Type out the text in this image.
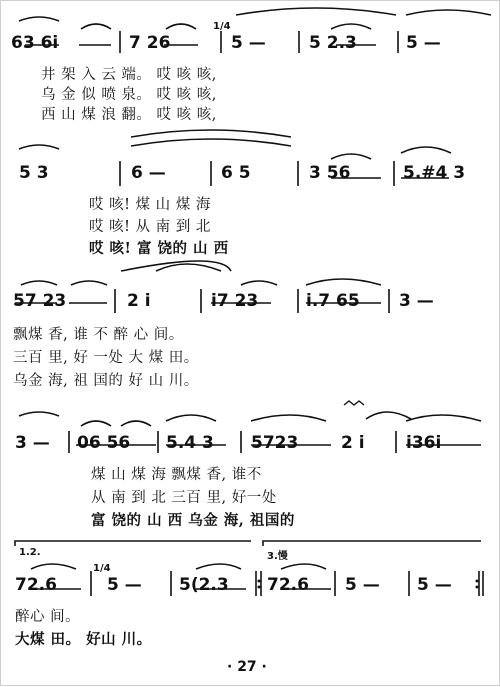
63 6i	7 26
1/4
5 —	5 2.3	5 —
井 架 入 云 端。 哎 咳 咳,
乌 金 似 喷 泉。 哎 咳 咳,
西 山 煤 浪 翻。 哎 咳 咳,
5 3	6 —	6 5	3 56	5.#4 3
哎 咳! 煤 山 煤 海
哎 咳! 从 南 到 北
哎 咳! 富 饶的 山 西
57 23	2 i	i7 23	i.7 65 3 —
飘煤 香, 谁 不 醉 心 间。
三百 里, 好 一处 大 煤 田。
乌金 海, 祖 国的 好 山 川。
3 — 06 56 5.4 3 5723	2 i i36i
煤 山 煤 海 飘煤 香, 谁不
从 南 到 北 三百 里, 好一处
富 饶的 山 西 乌金 海, 祖国的
1.2.	3.慢
1/4
72.6	5 — 5(2.3 72.6 5 — 5 —
醉心 间。
大煤 田。 好山 川。
· 27 ·
